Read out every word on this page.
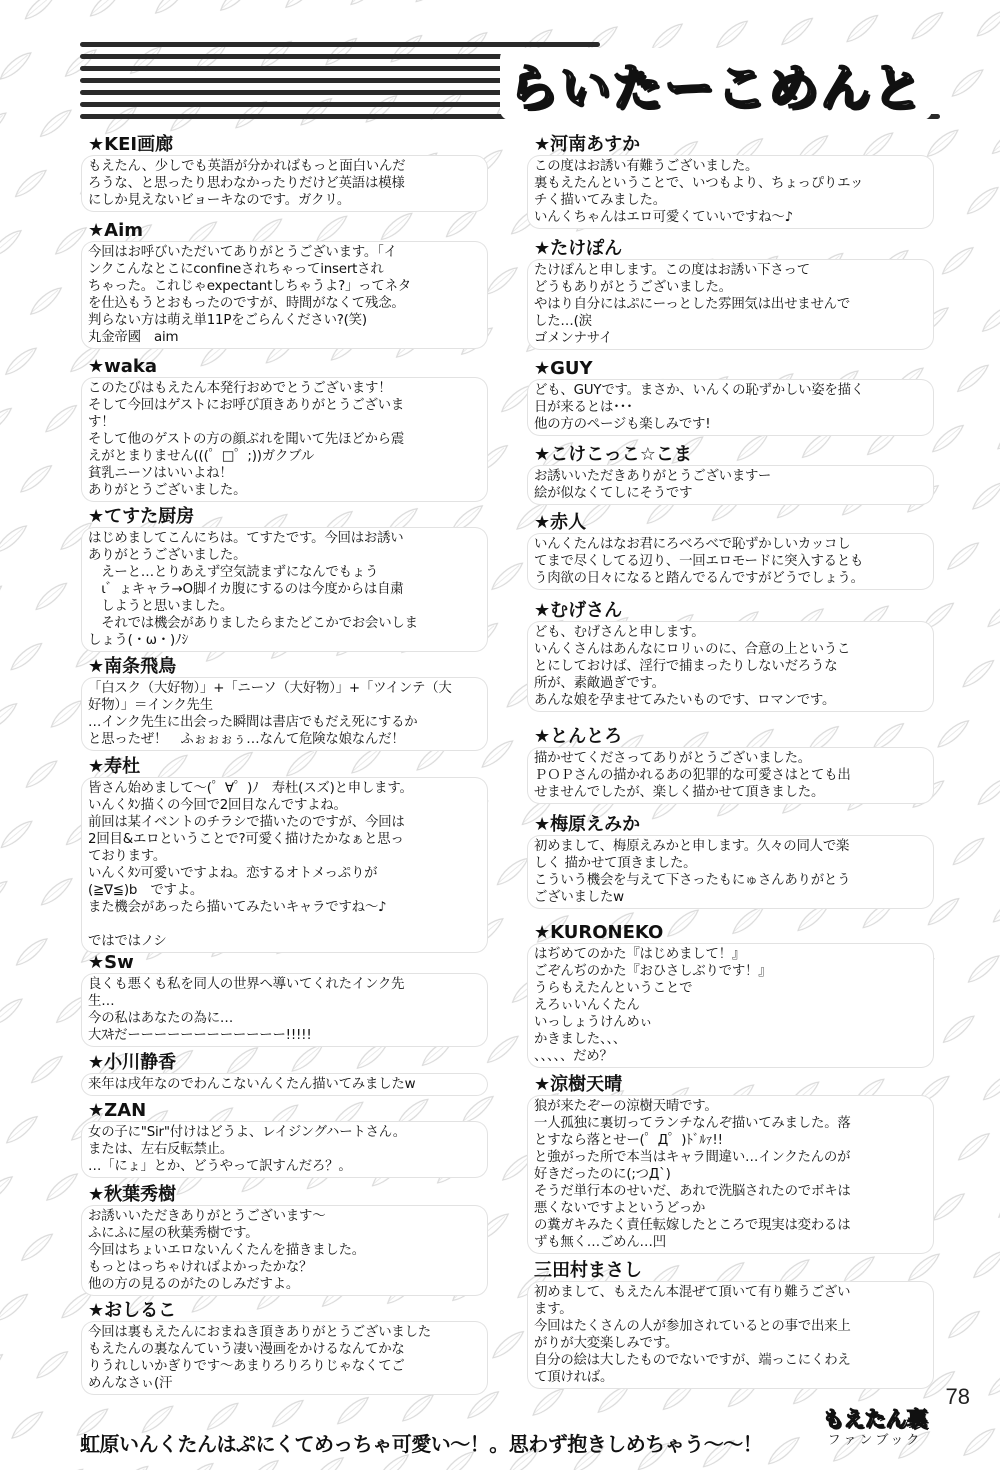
らいたーこめんと
★KEI画廊
もえたん、少しでも英語が分かればもっと面白いんだ
ろうな、と思ったり思わなかったりだけど英語は模様
にしか見えないビョーキなのです。ガクリ。
★Aim
今回はお呼びいただいてありがとうございます。「イ
ンクこんなとこにconfineされちゃってinsertされ
ちゃった。これじゃexpectantしちゃうよ?」ってネタ
を仕込もうとおもったのですが、時間がなくて残念。
判らない方は萌え単11Pをごらんください?(笑)
丸金帝國　aim
★waka
このたびはもえたん本発行おめでとうございます！
そして今回はゲストにお呼び頂きありがとうございま
す！
そして他のゲストの方の顔ぶれを聞いて先ほどから震
えがとまりません(((゜□゜;))ガクブル
貧乳ニーソはいいよね！
ありがとうございました。
★てすた厨房
はじめましてこんにちは。てすたです。今回はお誘い
ありがとうございました。
　えーと…とりあえず空気読まずになんでもょう
　ι゛ょキャラ→O脚イカ腹にするのは今度からは自粛
　しようと思いました。
　それでは機会がありましたらまたどこかでお会いしま
しょう(・ω・)ﾉｼ
★南条飛鳥
「白スク（大好物）」+「ニーソ（大好物）」+「ツインテ（大
好物）」＝インク先生
…インク先生に出会った瞬間は書店でもだえ死にするか
と思ったぜ！　ふぉぉぉぅ…なんて危険な娘なんだ！
★寿杜
皆さん始めまして～(゜∀゜)ﾉ　寿杜(スズ)と申します。
いんくﾀﾝ描くの今回で2回目なんですよね。
前回は某イベントのチラシで描いたのですが、今回は
2回目&エロということで?可愛く描けたかなぁと思っ
ております。
いんくﾀﾝ可愛いですよね。恋するオトメっぷりが
(≧∇≦)b　ですよ。
また機会があったら描いてみたいキャラですね～♪

ではではノシ
★Sw
良くも悪くも私を同人の世界へ導いてくれたインク先
生…
今の私はあなたの為に…
大ｽｷだーーーーーーーーーーーー!!!!!
★小川静香
来年は戌年なのでわんこないんくたん描いてみましたw
★ZAN
女の子に"Sir"付けはどうよ、レイジングハートさん。
または、左右反転禁止。
…「にょ」とか、どうやって訳すんだろ？。
★秋葉秀樹
お誘いいただきありがとうございます～
ふにふに屋の秋葉秀樹です。
今回はちょいエロないんくたんを描きました。
もっとはっちゃければよかったかな？
他の方の見るのがたのしみだすよ。
★おしるこ
今回は裏もえたんにおまねき頂きありがとうございました
もえたんの裏なんていう凄い漫画をかけるなんてかな
りうれしいかぎりです～あまりろりろりじゃなくてご
めんなさぃ(汗
★河南あすか
この度はお誘い有難うございました。
裏もえたんということで、いつもより、ちょっぴりエッ
チく描いてみました。
いんくちゃんはエロ可愛くていいですね～♪
★たけぽん
たけぽんと申します。この度はお誘い下さって
どうもありがとうございました。
やはり自分にはぷにーっとした雰囲気は出せませんで
した…(涙
ゴメンナサイ
★GUY
ども、GUYです。まさか、いんくの恥ずかしい姿を描く
日が来るとは･･･
他の方のページも楽しみです!
★こけこっこ☆こま
お誘いいただきありがとうございますー
絵が似なくてしにそうです
★赤人
いんくたんはなお君にろべろべで恥ずかしいカッコし
てまで尽くしてる辺り、一回エロモードに突入するとも
う肉欲の日々になると踏んでるんですがどうでしょう。
★むげさん
ども、むげさんと申します。
いんくさんはあんなにロリぃのに、合意の上というこ
とにしておけば、淫行で捕まったりしないだろうな
所が、素敵過ぎです。
あんな娘を孕ませてみたいものです、ロマンです。
★とんとろ
描かせてくださってありがとうございました。
ＰＯＰさんの描かれるあの犯罪的な可愛さはとても出
せませんでしたが、楽しく描かせて頂きました。
★梅原えみか
初めまして、梅原えみかと申します。久々の同人で楽
しく 描かせて頂きました。
こういう機会を与えて下さったもにゅさんありがとう
ございましたw
★KURONEKO
はぢめてのかた『はじめまして！』
ごぞんぢのかた『おひさしぶりです！』
うらもえたんということで
えろぃいんくたん
いっしょうけんめぃ
かきました、、、
、、、、、だめ？
★涼樹天晴
狼が来たぞーの涼樹天晴です。
一人孤独に裏切ってランチなんぞ描いてみました。落
とすなら落とせー(゜Д゜)ﾄﾞﾙｧ!!
と強がった所で本当はキャラ間違い…インクたんのが
好きだったのに(;つД`)
そうだ単行本のせいだ、あれで洗脳されたのでボキは
悪くないですよというどっか
の糞ガキみたく責任転嫁したところで現実は変わるは
ずも無く…ごめん…凹
三田村まさし
初めまして、もえたん本混ぜて頂いて有り難うござい
ます。
今回はたくさんの人が参加されているとの事で出来上
がりが大変楽しみです。
自分の絵は大したものでないですが、端っこにくわえ
て頂ければ。
78
虹原いんくたんはぷにくてめっちゃ可愛い～！。思わず抱きしめちゃう～～！
もえたん裏
ファンブック
